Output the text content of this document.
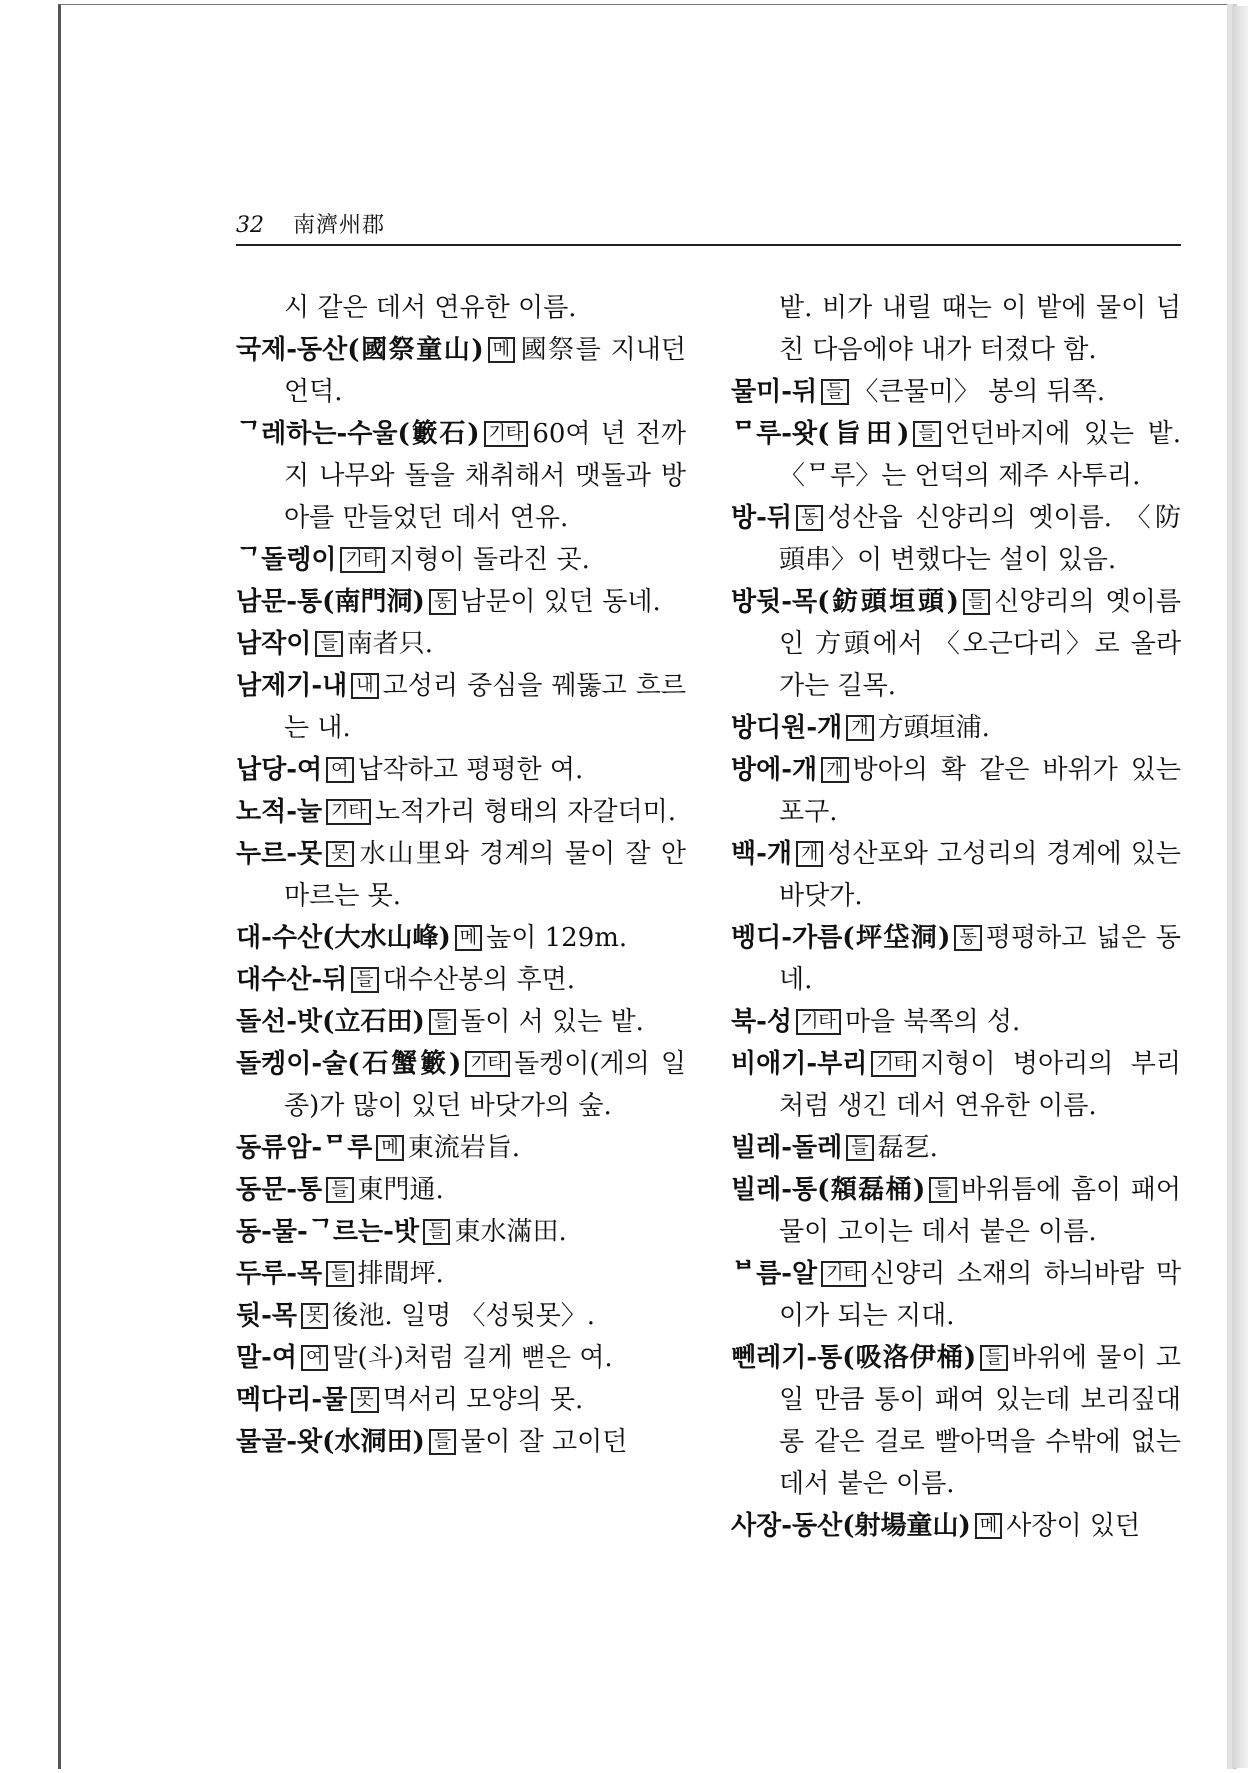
32 南濟州郡
시 같은 데서 연유한 이름.
국제-동산(國祭童山) 메 國祭를 지내던 언덕.
ᄀ레하는-수울(籔石) 기타 60여 년 전까지 나무와 돌을 채취해서 맷돌과 방아를 만들었던 데서 연유.
ᄀ돌렝이 기타 지형이 돌라진 곳.
남문-통(南門洞) 동 남문이 있던 동네.
남작이 들 南者只.
남제기-내 내 고성리 중심을 꿰뚫고 흐르는 내.
납당-여 여 납작하고 평평한 여.
노적-눌 기타 노적가리 형태의 자갈더미.
누르-못 못 水山里와 경계의 물이 잘 안 마르는 못.
대-수산(大水山峰) 메 높이 129m.
대수산-뒤 들 대수산봉의 후면.
돌선-밧(立石田) 들 돌이 서 있는 밭.
돌켕이-술(石蟹籔) 기타 돌켕이(게의 일종)가 많이 있던 바닷가의 숲.
동류암-ᄆ루 메 東流岩旨.
동문-통 들 東門通.
동-물-ᄀ르는-밧 들 東水滿田.
두루-목 들 排間坪.
뒷-목 못 後池. 일명 〈성뒷못〉.
말-여 여 말(斗)처럼 길게 뻗은 여.
멕다리-물 못 멱서리 모양의 못.
물골-왓(水洞田) 들 물이 잘 고이던
밭. 비가 내릴 때는 이 밭에 물이 넘친 다음에야 내가 터졌다 함.
물미-뒤 들 〈큰물미〉 봉의 뒤쪽.
ᄆ루-왓(旨田) 들 언던바지에 있는 밭. 〈ᄆ루〉는 언덕의 제주 사투리.
방-뒤 동 성산읍 신양리의 옛이름. 〈防頭串〉이 변했다는 설이 있음.
방뒷-목(鈁頭垣頭) 들 신양리의 옛이름인 方頭에서 〈오근다리〉로 올라가는 길목.
방디원-개 개 方頭垣浦.
방에-개 개 방아의 확 같은 바위가 있는 포구.
백-개 개 성산포와 고성리의 경계에 있는 바닷가.
벵디-가름(坪垈洞) 동 평평하고 넓은 동네.
북-성 기타 마을 북쪽의 성.
비애기-부리 기타 지형이 병아리의 부리처럼 생긴 데서 연유한 이름.
빌레-돌레 들 磊乭.
빌레-통(頮磊桶) 들 바위틈에 흠이 패어 물이 고이는 데서 붙은 이름.
ᄇ름-알 기타 신양리 소재의 하늬바람 막이가 되는 지대.
뻰레기-통(吸洛伊桶) 들 바위에 물이 고일 만큼 통이 패여 있는데 보리짚대롱 같은 걸로 빨아먹을 수밖에 없는 데서 붙은 이름.
사장-동산(射場童山) 메 사장이 있던
